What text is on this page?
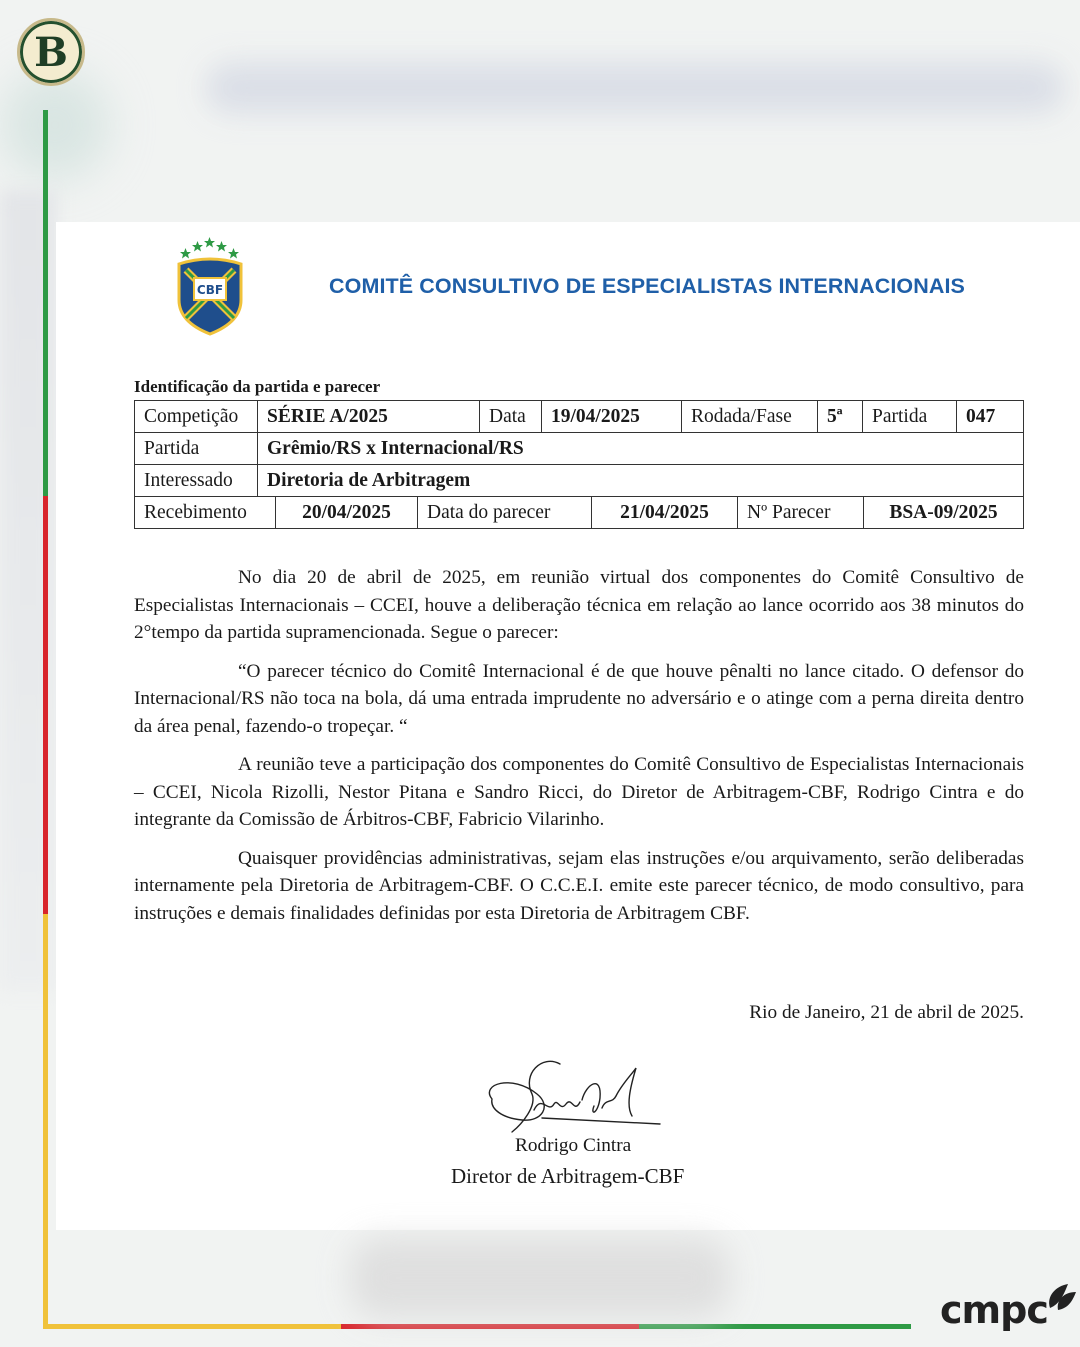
B
CBF	COMITÊ CONSULTIVO DE ESPECIALISTAS INTERNACIONAIS
Identificação da partida e parecer
Competição	SÉRIE A/2025	Data	19/04/2025	Rodada/Fase	5ª	Partida	047
Partida	Grêmio/RS x Internacional/RS						
Interessado	Diretoria de Arbitragem						
Recebimento	20/04/2025	Data do parecer	21/04/2025	Nº Parecer	BSA-09/2025

No dia 20 de abril de 2025, em reunião virtual dos componentes do Comitê Consultivo de Especialistas Internacionais – CCEI, houve a deliberação técnica em relação ao lance ocorrido aos 38 minutos do 2°tempo da partida supramencionada. Segue o parecer:

“O parecer técnico do Comitê Internacional é de que houve pênalti no lance citado. O defensor do Internacional/RS não toca na bola, dá uma entrada imprudente no adversário e o atinge com a perna direita dentro da área penal, fazendo-o tropeçar. “

A reunião teve a participação dos componentes do Comitê Consultivo de Especialistas Internacionais – CCEI, Nicola Rizolli, Nestor Pitana e Sandro Ricci, do Diretor de Arbitragem-CBF, Rodrigo Cintra e do integrante da Comissão de Árbitros-CBF, Fabricio Vilarinho.

Quaisquer providências administrativas, sejam elas instruções e/ou arquivamento, serão deliberadas internamente pela Diretoria de Arbitragem-CBF. O C.C.E.I. emite este parecer técnico, de modo consultivo, para instruções e demais finalidades definidas por esta Diretoria de Arbitragem CBF.

Rio de Janeiro, 21 de abril de 2025.
Rodrigo Cintra
Diretor de Arbitragem-CBF
cmpc
